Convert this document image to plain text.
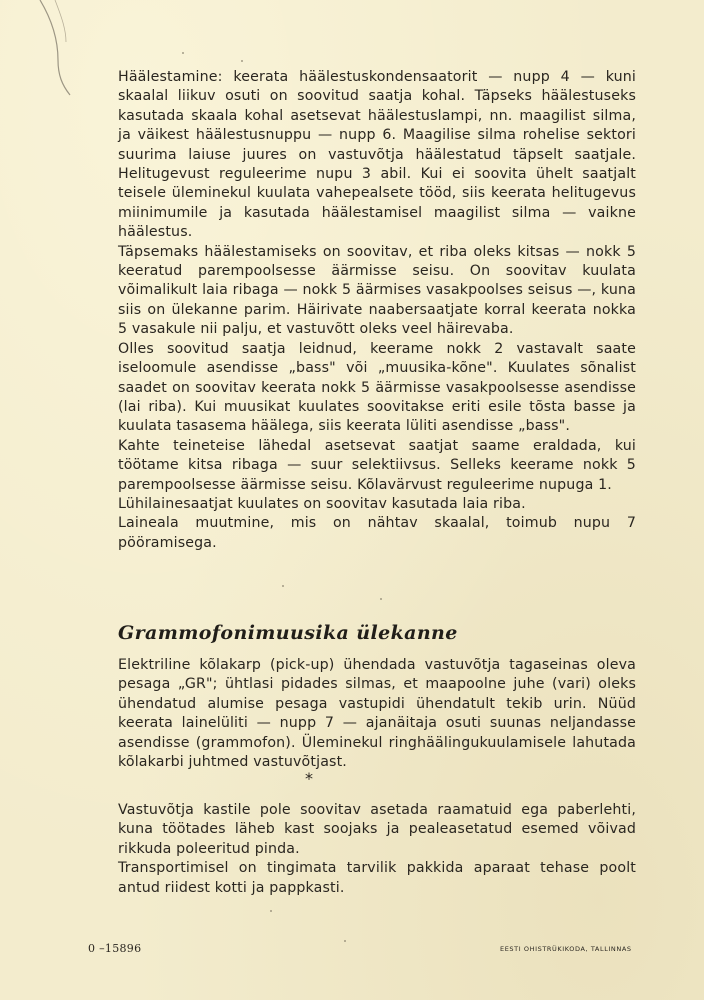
Häälestamine: keerata häälestuskondensaatorit — nupp 4 — kuni skaalal liikuv osuti on soovitud saatja kohal. Täpseks häälestuseks kasutada skaala kohal asetsevat häälestuslampi, nn. maagilist silma, ja väikest häälestusnuppu — nupp 6. Maagilise silma rohelise sektori suurima laiuse juures on vastuvõtja häälestatud täpselt saatjale. Helitugevust reguleerime nupu 3 abil. Kui ei soovita ühelt saatjalt teisele üleminekul kuulata vahepealsete tööd, siis keerata helitugevus miinimumile ja kasutada häälestamisel maagilist silma — vaikne häälestus.

Täpsemaks häälestamiseks on soovitav, et riba oleks kitsas — nokk 5 keeratud parempoolsesse äärmisse seisu. On soovitav kuulata võimalikult laia ribaga — nokk 5 äärmises vasakpoolses seisus —, kuna siis on ülekanne parim. Häirivate naabersaatjate korral keerata nokka 5 vasakule nii palju, et vastuvõtt oleks veel häirevaba.

Olles soovitud saatja leidnud, keerame nokk 2 vastavalt saate iseloomule asendisse „bass" või „muusika-kõne". Kuulates sõnalist saadet on soovitav keerata nokk 5 äärmisse vasakpoolsesse asendisse (lai riba). Kui muusikat kuulates soovitakse eriti esile tõsta basse ja kuulata tasasema häälega, siis keerata lüliti asendisse „bass".

Kahte teineteise lähedal asetsevat saatjat saame eraldada, kui töötame kitsa ribaga — suur selektiivsus. Selleks keerame nokk 5 parempoolsesse äärmisse seisu. Kõlavärvust reguleerime nupuga 1.

Lühilainesaatjat kuulates on soovitav kasutada laia riba.

Laineala muutmine, mis on nähtav skaalal, toimub nupu 7 pööramisega.

Grammofonimuusika ülekanne

Elektriline kõlakarp (pick-up) ühendada vastuvõtja tagaseinas oleva pesaga „GR"; ühtlasi pidades silmas, et maapoolne juhe (vari) oleks ühendatud alumise pesaga vastupidi ühendatult tekib urin. Nüüd keerata lainelüliti — nupp 7 — ajanäitaja osuti suunas neljandasse asendisse (grammofon). Üleminekul ringhäälingukuulamisele lahutada kõlakarbi juhtmed vastuvõtjast.

*

Vastuvõtja kastile pole soovitav asetada raamatuid ega paberlehti, kuna töötades läheb kast soojaks ja pealeasetatud esemed võivad rikkuda poleeritud pinda.

Transportimisel on tingimata tarvilik pakkida aparaat tehase poolt antud riidest kotti ja pappkasti.

0 –15896	EESTI OHISTRÜKIKODA, TALLINNAS
